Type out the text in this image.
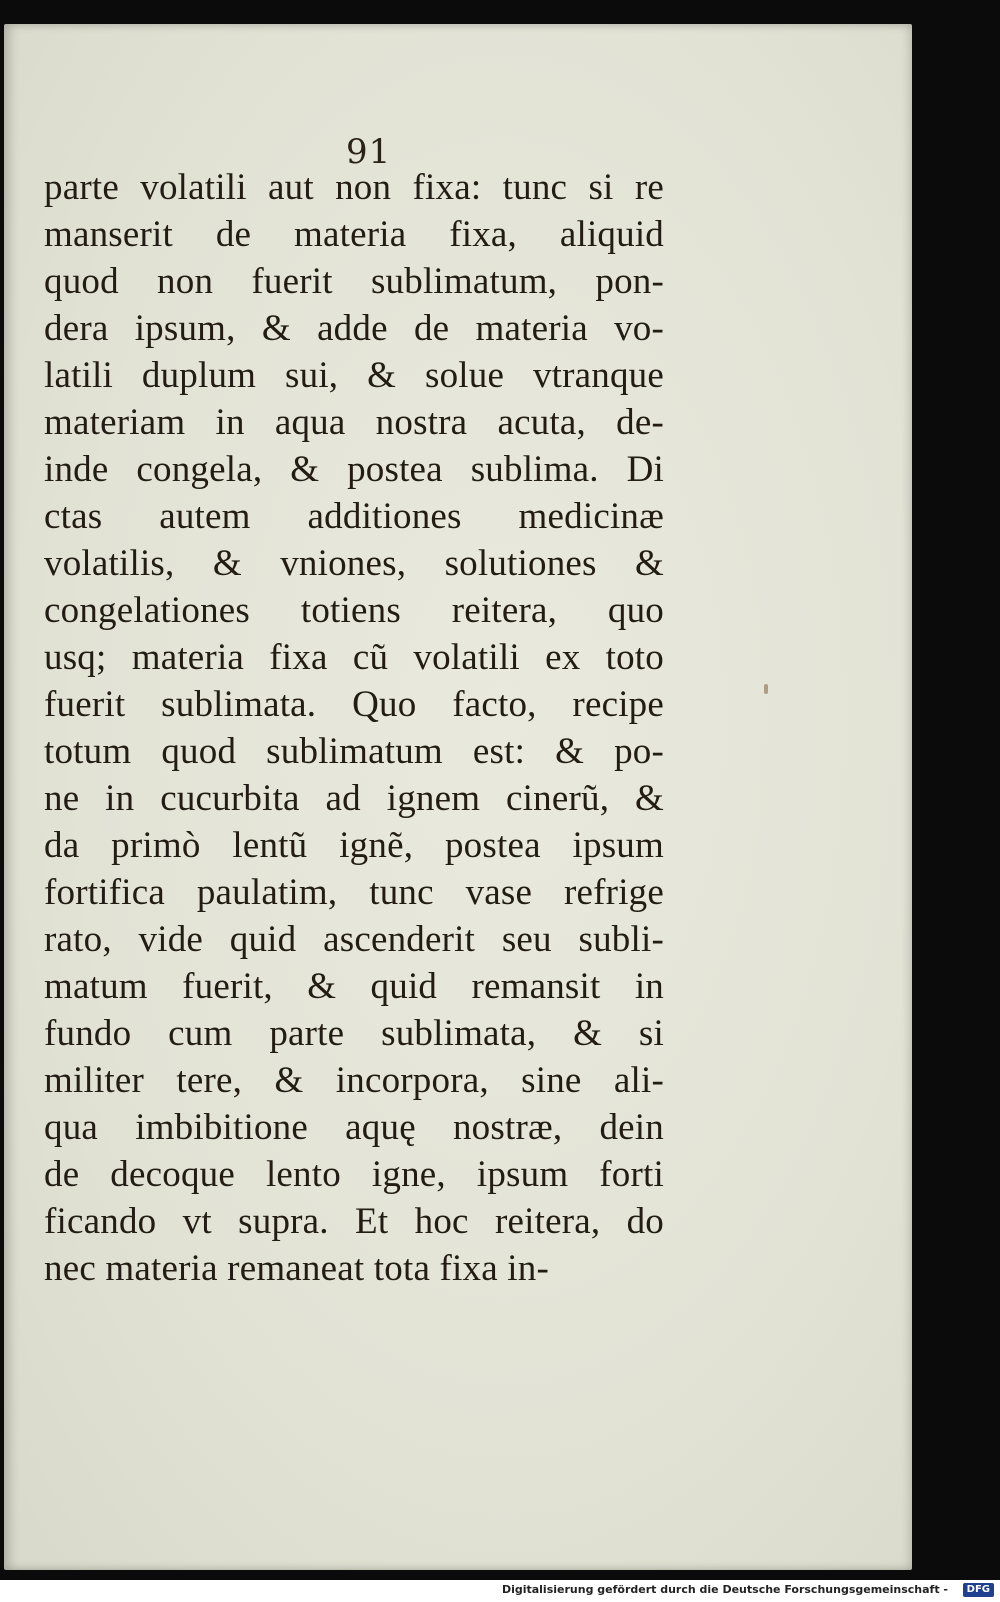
91
parte volatili aut non fixa: tunc si re
manserit de materia fixa, aliquid
quod non fuerit sublimatum, pon-
dera ipsum, & adde de materia vo-
latili duplum sui, & solue vtranque
materiam in aqua nostra acuta, de-
inde congela, & postea sublima. Di
ctas autem additiones medicinæ
volatilis, & vniones, solutiones &
congelationes totiens reitera, quo
usq; materia fixa cũ volatili ex toto
fuerit sublimata. Quo facto, recipe
totum quod sublimatum est: & po-
ne in cucurbita ad ignem cinerũ, &
da primò lentũ ignẽ, postea ipsum
fortifica paulatim, tunc vase refrige
rato, vide quid ascenderit seu subli-
matum fuerit, & quid remansit in
fundo cum parte sublimata, & si
militer tere, & incorpora, sine ali-
qua imbibitione aquę nostræ, dein
de decoque lento igne, ipsum forti
ficando vt supra. Et hoc reitera, do
nec materia remaneat tota fixa in-
Digitalisierung gefördert durch die Deutsche Forschungsgemeinschaft -	DFG
